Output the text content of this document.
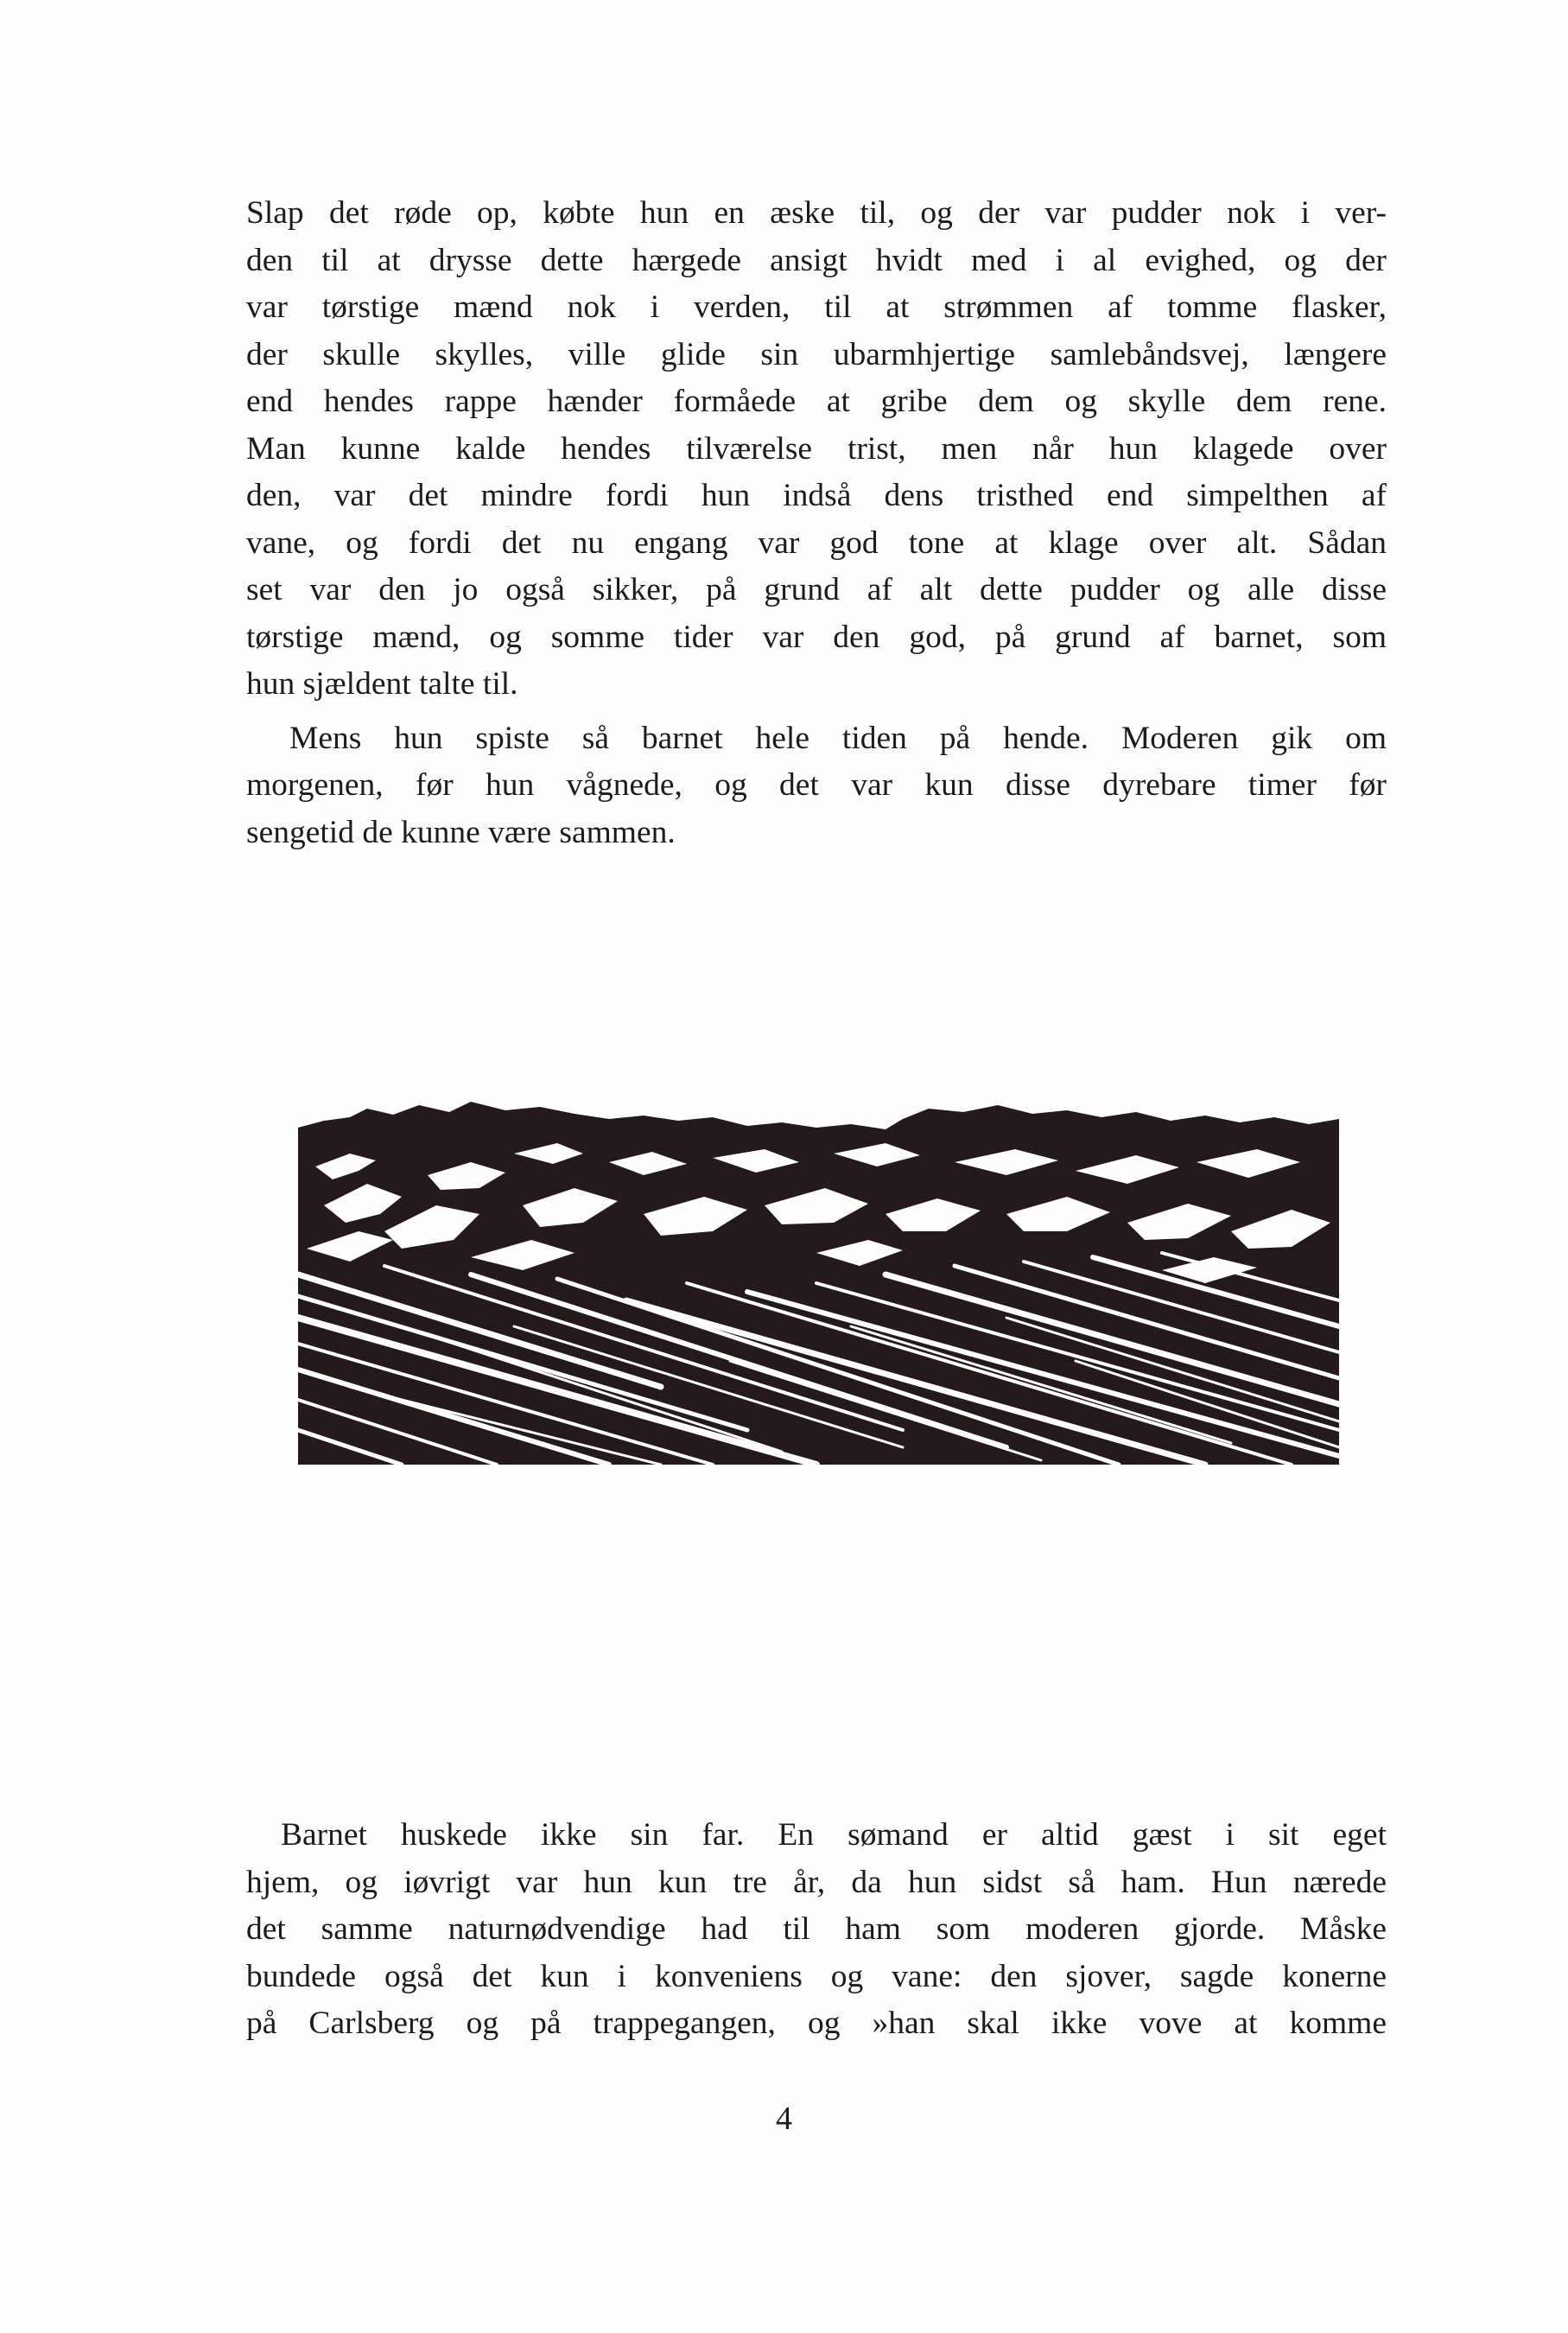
Slap det røde op, købte hun en æske til, og der var pudder nok i ver-
den til at drysse dette hærgede ansigt hvidt med i al evighed, og der
var tørstige mænd nok i verden, til at strømmen af tomme flasker,
der skulle skylles, ville glide sin ubarmhjertige samlebåndsvej, længere
end hendes rappe hænder formåede at gribe dem og skylle dem rene.
Man kunne kalde hendes tilværelse trist, men når hun klagede over
den, var det mindre fordi hun indså dens tristhed end simpelthen af
vane, og fordi det nu engang var god tone at klage over alt. Sådan
set var den jo også sikker, på grund af alt dette pudder og alle disse
tørstige mænd, og somme tider var den god, på grund af barnet, som
hun sjældent talte til.

Mens hun spiste så barnet hele tiden på hende. Moderen gik om
morgenen, før hun vågnede, og det var kun disse dyrebare timer før
sengetid de kunne være sammen.

Barnet huskede ikke sin far. En sømand er altid gæst i sit eget
hjem, og iøvrigt var hun kun tre år, da hun sidst så ham. Hun nærede
det samme naturnødvendige had til ham som moderen gjorde. Måske
bundede også det kun i konveniens og vane: den sjover, sagde konerne
på Carlsberg og på trappegangen, og »han skal ikke vove at komme

4
